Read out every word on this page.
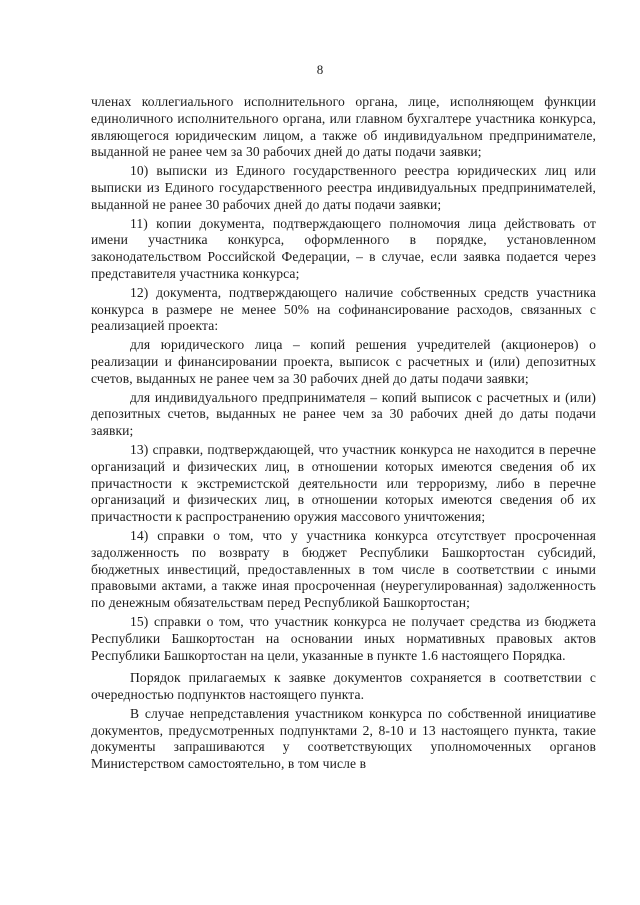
8

членах коллегиального исполнительного органа, лице, исполняющем функции единоличного исполнительного органа, или главном бухгалтере участника конкурса, являющегося юридическим лицом, а также об индивидуальном предпринимателе, выданной не ранее чем за 30 рабочих дней до даты подачи заявки;

10) выписки из Единого государственного реестра юридических лиц или выписки из Единого государственного реестра индивидуальных предпринимателей, выданной не ранее 30 рабочих дней до даты подачи заявки;

11) копии документа, подтверждающего полномочия лица действовать от имени участника конкурса, оформленного в порядке, установленном законодательством Российской Федерации, – в случае, если заявка подается через представителя участника конкурса;

12) документа, подтверждающего наличие собственных средств участника конкурса в размере не менее 50% на софинансирование расходов, связанных с реализацией проекта:

для юридического лица – копий решения учредителей (акционеров) о реализации и финансировании проекта, выписок с расчетных и (или) депозитных счетов, выданных не ранее чем за 30 рабочих дней до даты подачи заявки;

для индивидуального предпринимателя – копий выписок с расчетных и (или) депозитных счетов, выданных не ранее чем за 30 рабочих дней до даты подачи заявки;

13) справки, подтверждающей, что участник конкурса не находится в перечне организаций и физических лиц, в отношении которых имеются сведения об их причастности к экстремистской деятельности или терроризму, либо в перечне организаций и физических лиц, в отношении которых имеются сведения об их причастности к распространению оружия массового уничтожения;

14) справки о том, что у участника конкурса отсутствует просроченная задолженность по возврату в бюджет Республики Башкортостан субсидий, бюджетных инвестиций, предоставленных в том числе в соответствии с иными правовыми актами, а также иная просроченная (неурегулированная) задолженность по денежным обязательствам перед Республикой Башкортостан;

15) справки о том, что участник конкурса не получает средства из бюджета Республики Башкортостан на основании иных нормативных правовых актов Республики Башкортостан на цели, указанные в пункте 1.6 настоящего Порядка.

Порядок прилагаемых к заявке документов сохраняется в соответствии с очередностью подпунктов настоящего пункта.

В случае непредставления участником конкурса по собственной инициативе документов, предусмотренных подпунктами 2, 8-10 и 13 настоящего пункта, такие документы запрашиваются у соответствующих уполномоченных органов Министерством самостоятельно, в том числе в
